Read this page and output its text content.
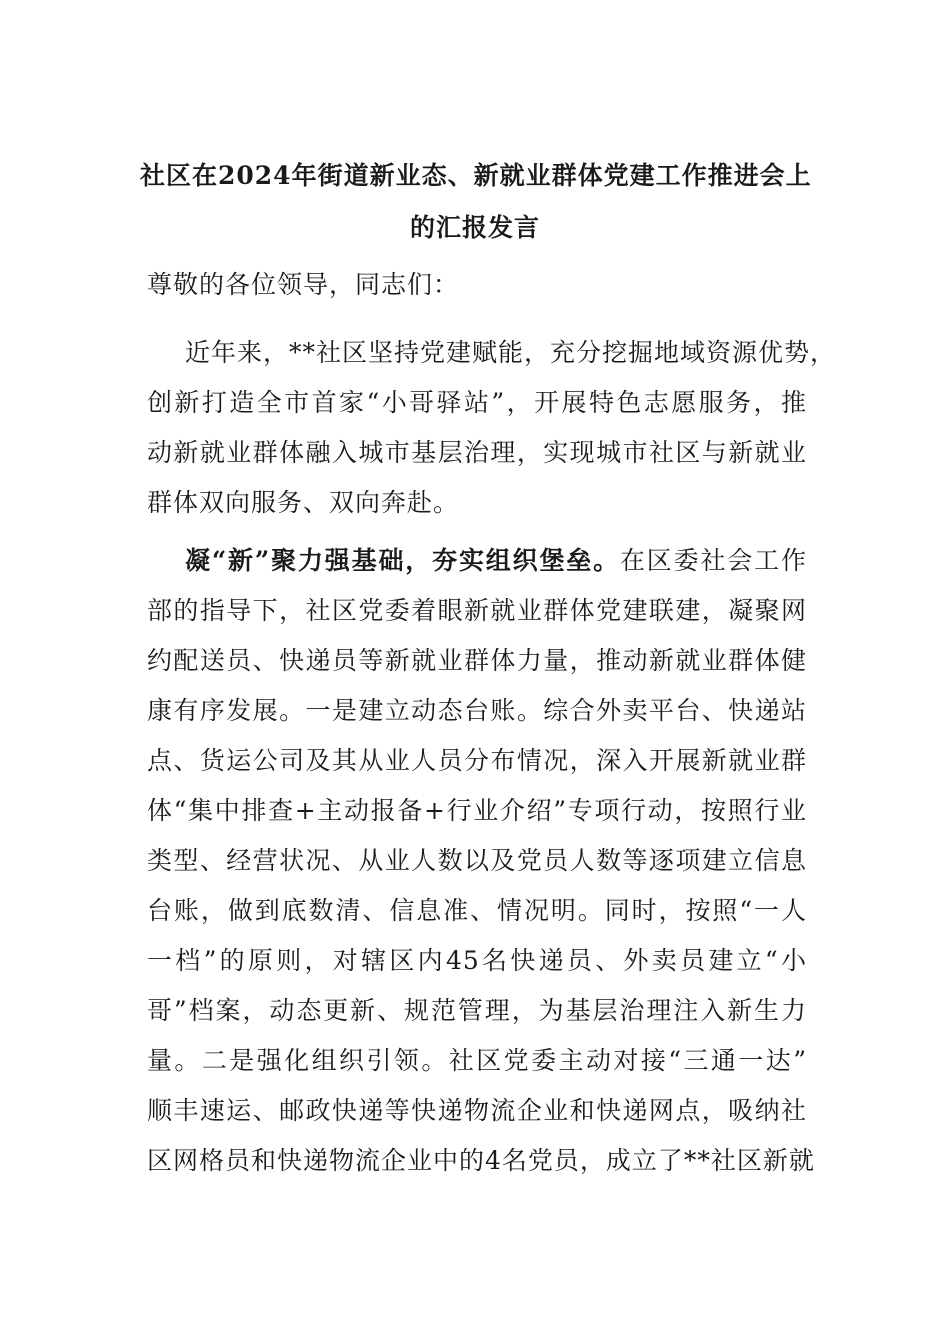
社区在2024年街道新业态、新就业群体党建工作推进会上
的汇报发言
尊敬的各位领导，同志们：
近年来，**社区坚持党建赋能，充分挖掘地域资源优势，
创新打造全市首家“小哥驿站”，开展特色志愿服务，推
动新就业群体融入城市基层治理，实现城市社区与新就业
群体双向服务、双向奔赴。
凝“新”聚力强基础，夯实组织堡垒。在区委社会工作
部的指导下，社区党委着眼新就业群体党建联建，凝聚网
约配送员、快递员等新就业群体力量，推动新就业群体健
康有序发展。一是建立动态台账。综合外卖平台、快递站
点、货运公司及其从业人员分布情况，深入开展新就业群
体“集中排查+主动报备+行业介绍”专项行动，按照行业
类型、经营状况、从业人数以及党员人数等逐项建立信息
台账，做到底数清、信息准、情况明。同时，按照“一人
一档”的原则，对辖区内45名快递员、外卖员建立“小
哥”档案，动态更新、规范管理，为基层治理注入新生力
量。二是强化组织引领。社区党委主动对接“三通一达”
顺丰速运、邮政快递等快递物流企业和快递网点，吸纳社
区网格员和快递物流企业中的4名党员，成立了**社区新就
